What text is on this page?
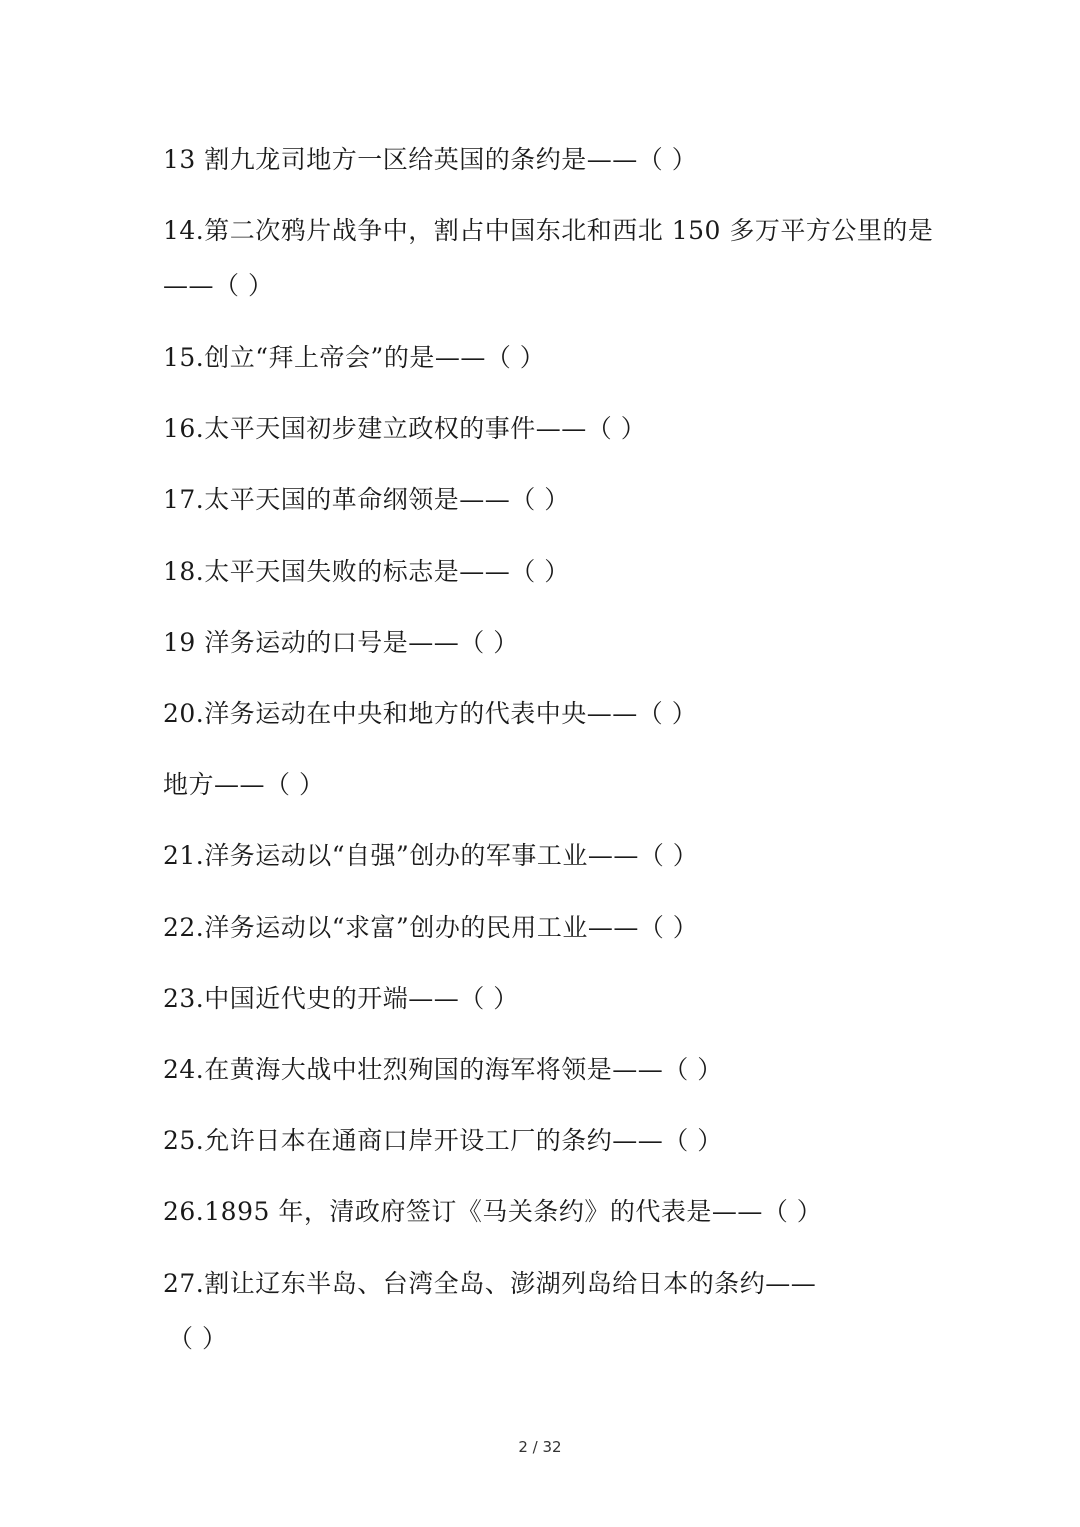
13 割九龙司地方一区给英国的条约是——（ ）
14.第二次鸦片战争中，割占中国东北和西北 150 多万平方公里的是
——（ ）
15.创立“拜上帝会”的是——（ ）
16.太平天国初步建立政权的事件——（ ）
17.太平天国的革命纲领是——（ ）
18.太平天国失败的标志是——（ ）
19 洋务运动的口号是——（ ）
20.洋务运动在中央和地方的代表中央——（ ）
地方——（ ）
21.洋务运动以“自强”创办的军事工业——（ ）
22.洋务运动以“求富”创办的民用工业——（ ）
23.中国近代史的开端——（ ）
24.在黄海大战中壮烈殉国的海军将领是——（ ）
25.允许日本在通商口岸开设工厂的条约——（ ）
26.1895 年，清政府签订《马关条约》的代表是——（ ）
27.割让辽东半岛、台湾全岛、澎湖列岛给日本的条约——
（ ）
2 / 32
